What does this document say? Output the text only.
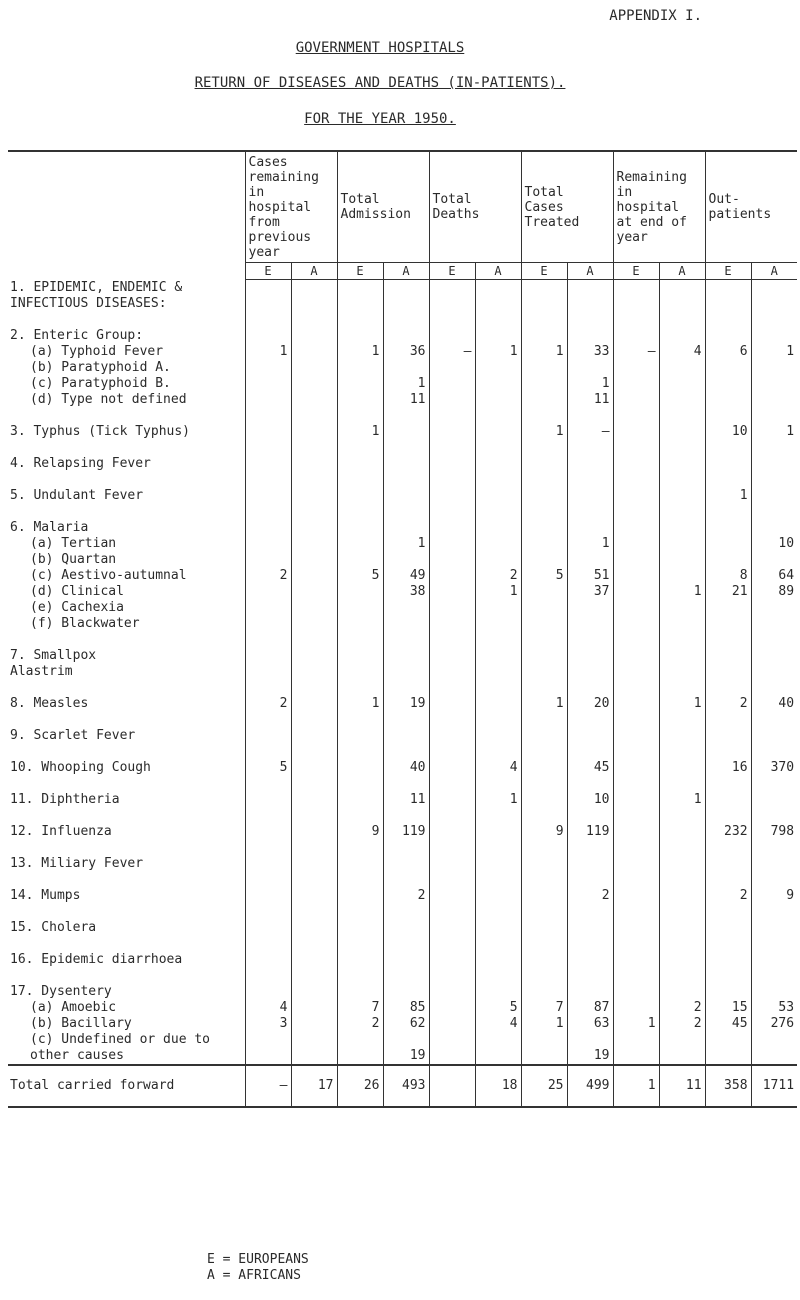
APPENDIX I.
GOVERNMENT HOSPITALS
RETURN OF DISEASES AND DEATHS (IN-PATIENTS).
FOR THE YEAR 1950.
	Cases remaining in hospital from previous year		Total Admission		Total Deaths		Total Cases Treated		Remaining in hospital at end of year		Out-patients	
	E	A	E	A	E	A	E	A	E	A	E	A
1. EPIDEMIC, ENDEMIC &												
INFECTIOUS DISEASES:												

2. Enteric Group:												
(a) Typhoid Fever	1		1	36	–	1	1	33	–	4	6	1
(b) Paratyphoid A.												
(c) Paratyphoid B.				1				1				
(d) Type not defined				11				11				

3. Typhus (Tick Typhus)			1				1	–			10	1

4. Relapsing Fever												

5. Undulant Fever											1	

6. Malaria												
(a) Tertian				1				1				10
(b) Quartan												
(c) Aestivo-autumnal	2		5	49		2	5	51			8	64
(d) Clinical				38		1		37		1	21	89
(e) Cachexia												
(f) Blackwater												

7. Smallpox												
Alastrim												

8. Measles	2		1	19			1	20		1	2	40

9. Scarlet Fever												

10. Whooping Cough	5			40		4		45			16	370

11. Diphtheria				11		1		10		1		

12. Influenza			9	119			9	119			232	798

13. Miliary Fever												

14. Mumps				2				2			2	9

15. Cholera												

16. Epidemic diarrhoea												

17. Dysentery												
(a) Amoebic	4		7	85		5	7	87		2	15	53
(b) Bacillary	3		2	62		4	1	63	1	2	45	276
(c) Undefined or due to												
other causes				19				19				
Total carried forward	–	17	26	493		18	25	499	1	11	358	1711
E = EUROPEANS
A = AFRICANS
